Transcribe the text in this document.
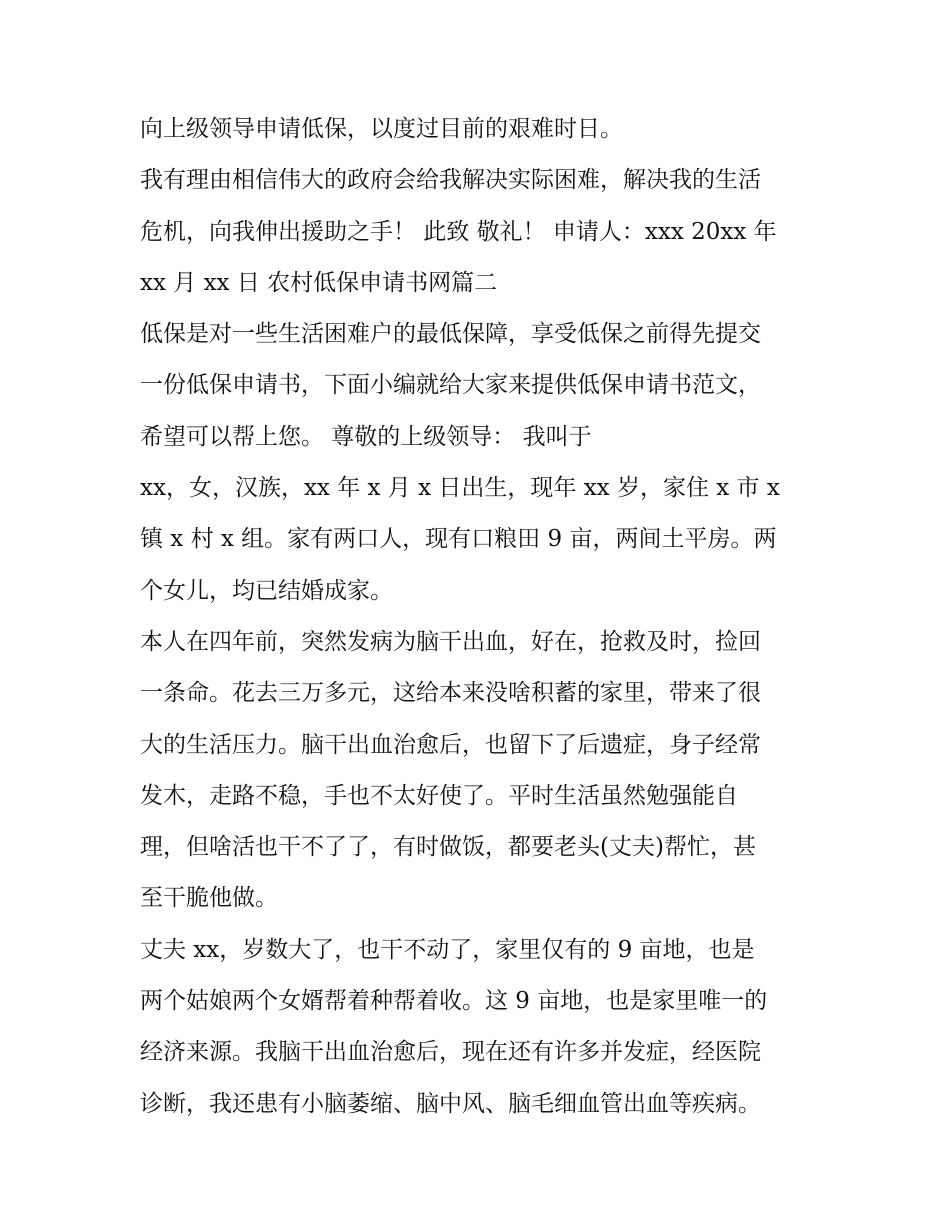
向上级领导申请低保，以度过目前的艰难时日。

我有理由相信伟大的政府会给我解决实际困难，解决我的生活

危机，向我伸出援助之手！ 此致 敬礼！ 申请人：xxx 20xx 年

xx 月 xx 日 农村低保申请书网篇二

低保是对一些生活困难户的最低保障，享受低保之前得先提交

一份低保申请书，下面小编就给大家来提供低保申请书范文，

希望可以帮上您。 尊敬的上级领导： 我叫于

xx，女，汉族，xx 年 x 月 x 日出生，现年 xx 岁，家住 x 市 x

镇 x 村 x 组。家有两口人，现有口粮田 9 亩，两间土平房。两

个女儿，均已结婚成家。

本人在四年前，突然发病为脑干出血，好在，抢救及时，捡回

一条命。花去三万多元，这给本来没啥积蓄的家里，带来了很

大的生活压力。脑干出血治愈后，也留下了后遗症，身子经常

发木，走路不稳，手也不太好使了。平时生活虽然勉强能自

理，但啥活也干不了了，有时做饭，都要老头(丈夫)帮忙，甚

至干脆他做。

丈夫 xx，岁数大了，也干不动了，家里仅有的 9 亩地，也是

两个姑娘两个女婿帮着种帮着收。这 9 亩地，也是家里唯一的

经济来源。我脑干出血治愈后，现在还有许多并发症，经医院

诊断，我还患有小脑萎缩、脑中风、脑毛细血管出血等疾病。
